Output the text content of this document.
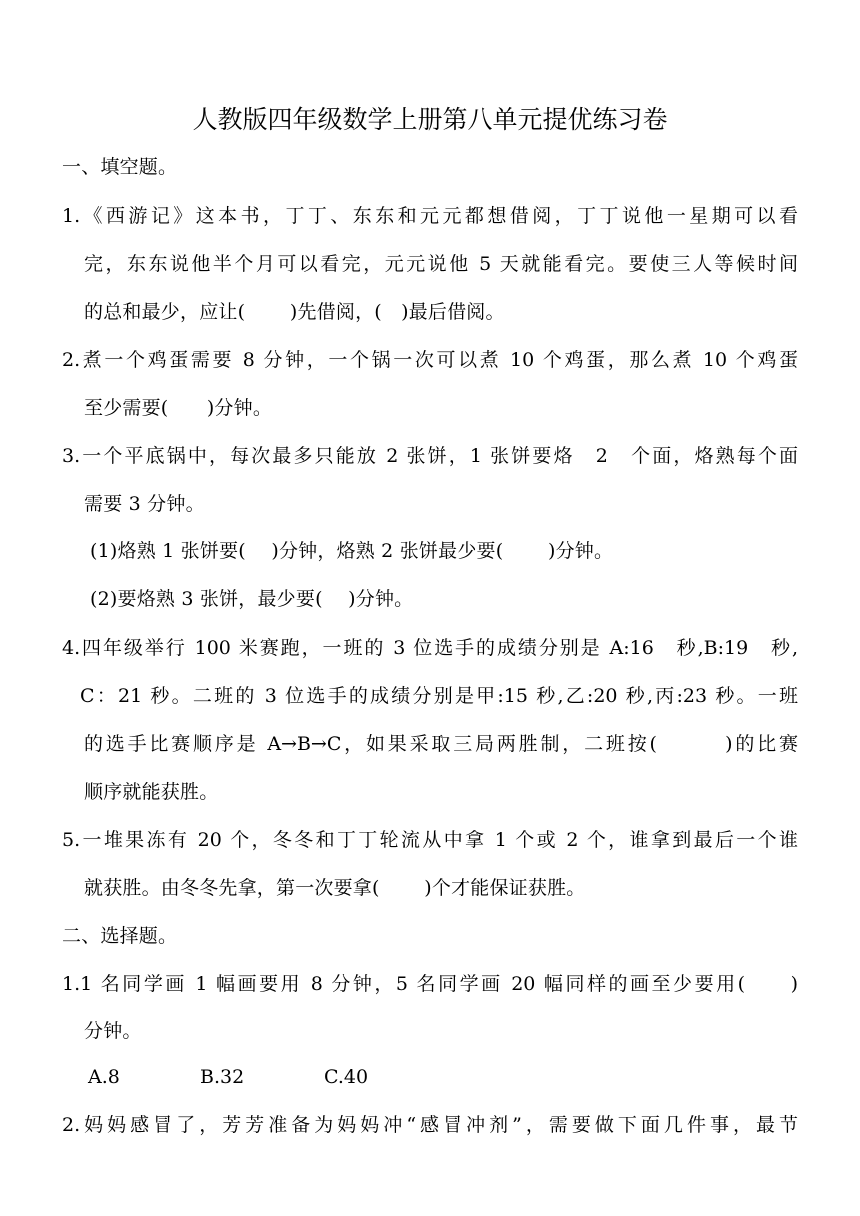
人教版四年级数学上册第八单元提优练习卷
一、填空题。
1.《西游记》这本书，丁丁、东东和元元都想借阅，丁丁说他一星期可以看
完，东东说他半个月可以看完，元元说他 5 天就能看完。要使三人等候时间
的总和最少，应让(　　 )先借阅，(　)最后借阅。
2.煮一个鸡蛋需要 8 分钟，一个锅一次可以煮 10 个鸡蛋，那么煮 10 个鸡蛋
至少需要(　　)分钟。
3.一个平底锅中，每次最多只能放 2 张饼，1 张饼要烙　2　个面，烙熟每个面
需要 3 分钟。
(1)烙熟 1 张饼要(　 )分钟，烙熟 2 张饼最少要(　　 )分钟。
(2)要烙熟 3 张饼，最少要(　 )分钟。
4.四年级举行 100 米赛跑，一班的 3 位选手的成绩分别是 A:16　秒,B:19　秒,
C：21 秒。二班的 3 位选手的成绩分别是甲:15 秒,乙:20 秒,丙:23 秒。一班
的选手比赛顺序是 A→B→C，如果采取三局两胜制，二班按(　　　)的比赛
顺序就能获胜。
5.一堆果冻有 20 个，冬冬和丁丁轮流从中拿 1 个或 2 个，谁拿到最后一个谁
就获胜。由冬冬先拿，第一次要拿(　　 )个才能保证获胜。
二、选择题。
1.1 名同学画 1 幅画要用 8 分钟，5 名同学画 20 幅同样的画至少要用(　　)
分钟。
A.8	B.32	C.40
2.妈妈感冒了，芳芳准备为妈妈冲“感冒冲剂”，需要做下面几件事，最节
